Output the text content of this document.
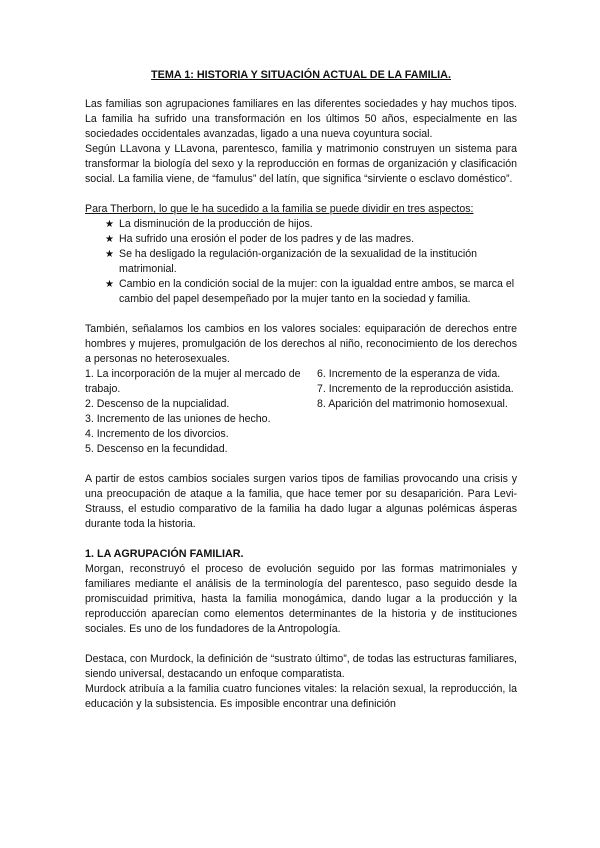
TEMA 1: HISTORIA Y SITUACIÓN ACTUAL DE LA FAMILIA.

Las familias son agrupaciones familiares en las diferentes sociedades y hay muchos tipos. La familia ha sufrido una transformación en los últimos 50 años, especialmente en las sociedades occidentales avanzadas, ligado a una nueva coyuntura social.

Según LLavona y LLavona, parentesco, familia y matrimonio construyen un sistema para transformar la biología del sexo y la reproducción en formas de organización y clasificación social. La familia viene, de “famulus” del latín, que significa “sirviente o esclavo doméstico”.

Para Therborn, lo que le ha sucedido a la familia se puede dividir en tres aspectos:

★ La disminución de la producción de hijos.
★ Ha sufrido una erosión el poder de los padres y de las madres.
★ Se ha desligado la regulación-organización de la sexualidad de la institución matrimonial.
★ Cambio en la condición social de la mujer: con la igualdad entre ambos, se marca el cambio del papel desempeñado por la mujer tanto en la sociedad y familia.

También, señalamos los cambios en los valores sociales: equiparación de derechos entre hombres y mujeres, promulgación de los derechos al niño, reconocimiento de los derechos a personas no heterosexuales.

1. La incorporación de la mujer al mercado de trabajo.

2. Descenso de la nupcialidad.

3. Incremento de las uniones de hecho.

4. Incremento de los divorcios.

5. Descenso en la fecundidad.

6. Incremento de la esperanza de vida.

7. Incremento de la reproducción asistida.

8. Aparición del matrimonio homosexual.

A partir de estos cambios sociales surgen varios tipos de familias provocando una crisis y una preocupación de ataque a la familia, que hace temer por su desaparición. Para Levi-Strauss, el estudio comparativo de la familia ha dado lugar a algunas polémicas ásperas durante toda la historia.

1. LA AGRUPACIÓN FAMILIAR.

Morgan, reconstruyó el proceso de evolución seguido por las formas matrimoniales y familiares mediante el análisis de la terminología del parentesco, paso seguido desde la promiscuidad primitiva, hasta la familia monogámica, dando lugar a la producción y la reproducción aparecían como elementos determinantes de la historia y de instituciones sociales. Es uno de los fundadores de la Antropología.

Destaca, con Murdock, la definición de “sustrato último”, de todas las estructuras familiares, siendo universal, destacando un enfoque comparatista.

Murdock atribuía a la familia cuatro funciones vitales: la relación sexual, la reproducción, la educación y la subsistencia. Es imposible encontrar una definición
